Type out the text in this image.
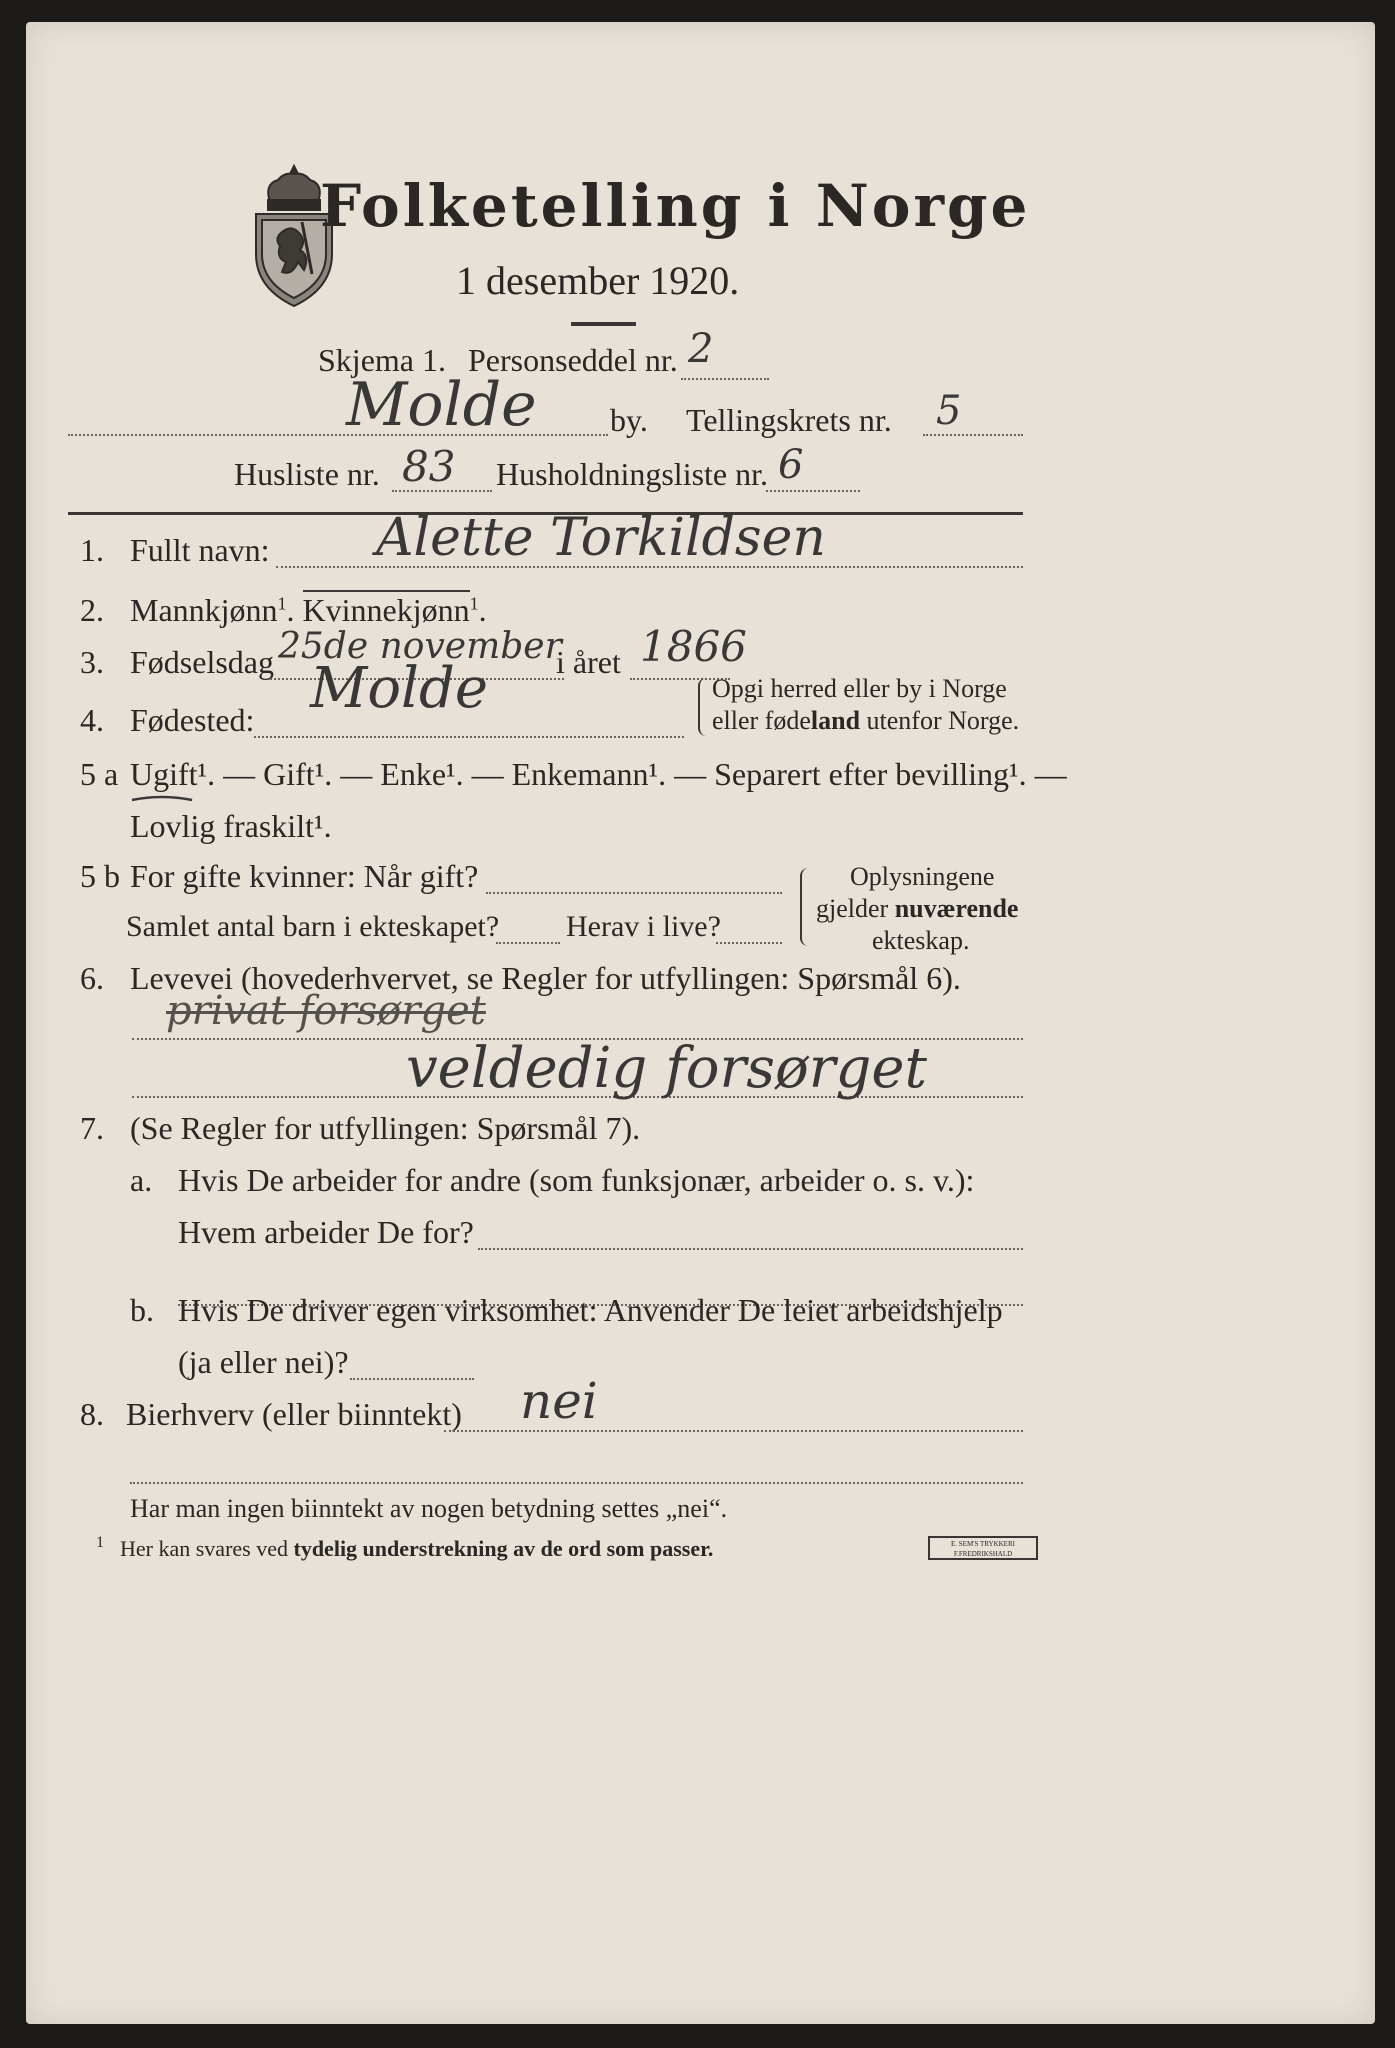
Folketelling i Norge
1 desember 1920.
Skjema 1. Personseddel nr. 2
Molde by. Tellingskrets nr. 5
Husliste nr. 83 Husholdningsliste nr. 6
1. Fullt navn: Alette Torkildsen
2. Mannkjønn$^1$. Kvinnekjønn$^1$.
3. Fødselsdag 25de november
i året 1866
4. Fødested: Molde	Opgi herred eller by i Norge
eller fødeland utenfor Norge.
5 a Ugift¹. — Gift¹. — Enke¹. — Enkemann¹. — Separert efter bevilling¹. —
Lovlig fraskilt¹.
5 b For gifte kvinner: Når gift?
Samlet antal barn i ekteskapet? Herav i live?
Oplysningene
gjelder nuværende
ekteskap.
6. Levevei (hovederhvervet, se Regler for utfyllingen: Spørsmål 6).
privat forsørget
veldedig forsørget
7. (Se Regler for utfyllingen: Spørsmål 7).
a. Hvis De arbeider for andre (som funksjonær, arbeider o. s. v.):
Hvem arbeider De for?
b. Hvis De driver egen virksomhet: Anvender De leiet arbeidshjelp
(ja eller nei)?
8. Bierhverv (eller biinntekt) nei
Har man ingen biinntekt av nogen betydning settes „nei“.
1 Her kan svares ved tydelig understrekning av de ord som passer.	E. SEM'S TRYKKERI F.FREDRIKSHALD
